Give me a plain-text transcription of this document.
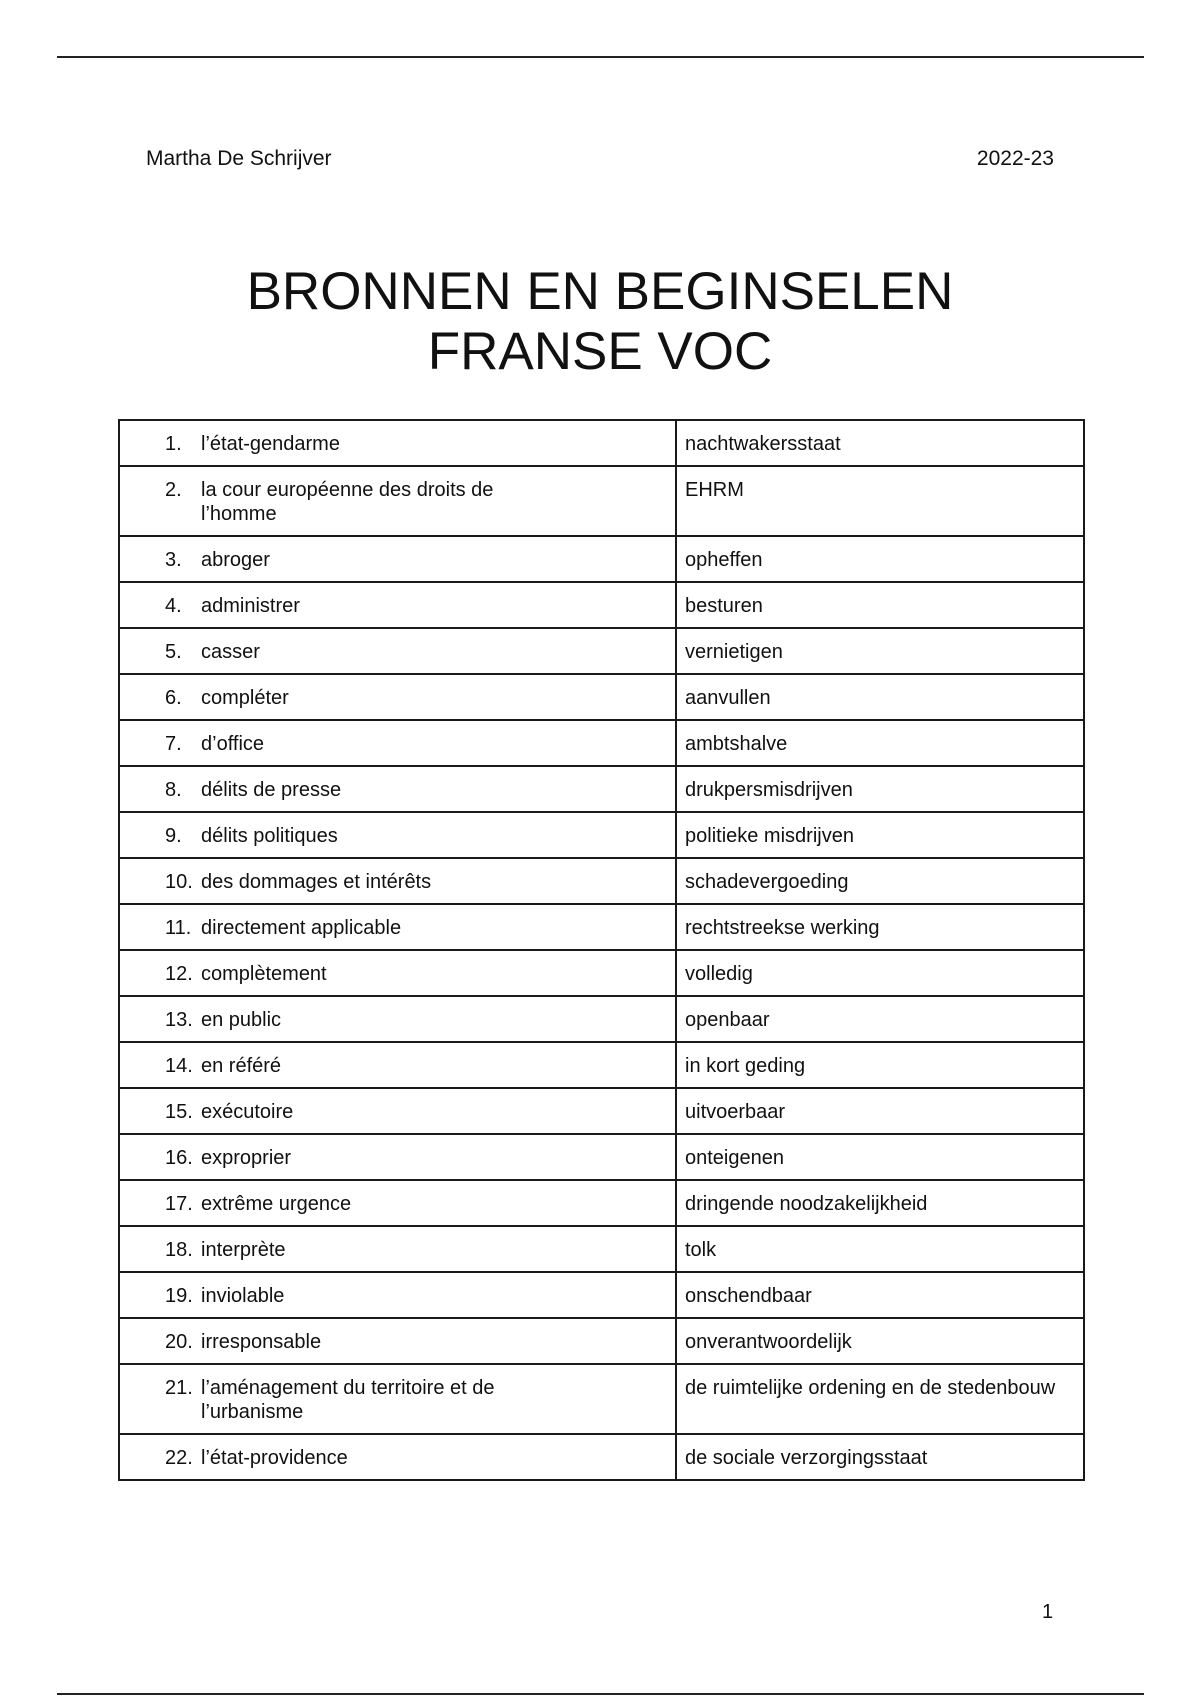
Martha De Schrijver	2022-23
BRONNEN EN BEGINSELEN
FRANSE VOC
1. l’état-gendarme	nachtwakersstaat
2. la cour européenne des droits de l’homme	EHRM
3. abroger	opheffen
4. administrer	besturen
5. casser	vernietigen
6. compléter	aanvullen
7. d’office	ambtshalve
8. délits de presse	drukpersmisdrijven
9. délits politiques	politieke misdrijven
10. des dommages et intérêts	schadevergoeding
11. directement applicable	rechtstreekse werking
12. complètement	volledig
13. en public	openbaar
14. en référé	in kort geding
15. exécutoire	uitvoerbaar
16. exproprier	onteigenen
17. extrême urgence	dringende noodzakelijkheid
18. interprète	tolk
19. inviolable	onschendbaar
20. irresponsable	onverantwoordelijk
21. l’aménagement du territoire et de l’urbanisme	de ruimtelijke ordening en de stedenbouw
22. l’état-providence	de sociale verzorgingsstaat
1
